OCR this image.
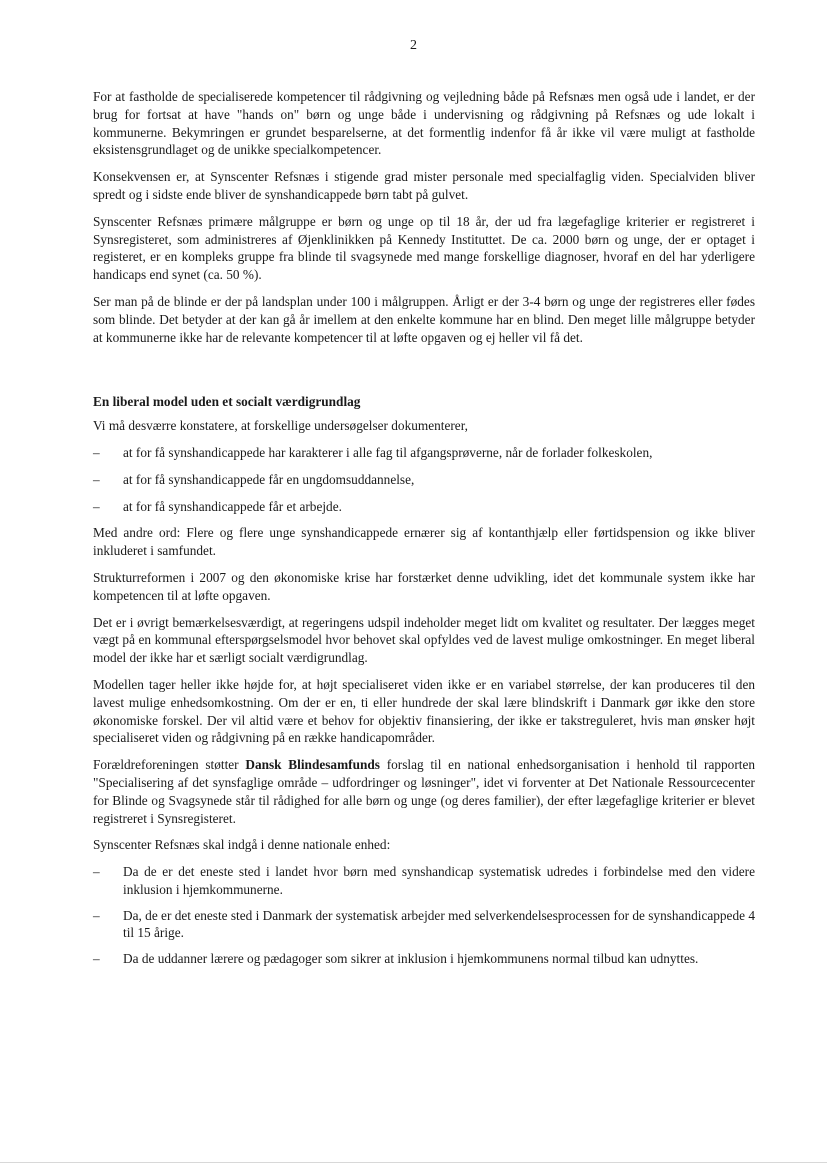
2

For at fastholde de specialiserede kompetencer til rådgivning og vejledning både på Refsnæs men også ude i landet, er der brug for fortsat at have "hands on" børn og unge både i undervisning og rådgivning på Refsnæs og ude lokalt i kommunerne. Bekymringen er grundet besparelserne, at det formentlig indenfor få år ikke vil være muligt at fastholde eksistensgrundlaget og de unikke specialkompetencer.

Konsekvensen er, at Synscenter Refsnæs i stigende grad mister personale med specialfaglig viden. Specialviden bliver spredt og i sidste ende bliver de synshandicappede børn tabt på gulvet.

Synscenter Refsnæs primære målgruppe er børn og unge op til 18 år, der ud fra lægefaglige kriterier er registreret i Synsregisteret, som administreres af Øjenklinikken på Kennedy Instituttet. De ca. 2000 børn og unge, der er optaget i registeret, er en kompleks gruppe fra blinde til svagsynede med mange forskellige diagnoser, hvoraf en del har yderligere handicaps end synet (ca. 50 %).

Ser man på de blinde er der på landsplan under 100 i målgruppen. Årligt er der 3-4 børn og unge der registreres eller fødes som blinde. Det betyder at der kan gå år imellem at den enkelte kommune har en blind. Den meget lille målgruppe betyder at kommunerne ikke har de relevante kompetencer til at løfte opgaven og ej heller vil få det.

En liberal model uden et socialt værdigrundlag

Vi må desværre konstatere, at forskellige undersøgelser dokumenterer,

–	at for få synshandicappede har karakterer i alle fag til afgangsprøverne, når de forlader folkeskolen,
–	at for få synshandicappede får en ungdomsuddannelse,
–	at for få synshandicappede får et arbejde.

Med andre ord: Flere og flere unge synshandicappede ernærer sig af kontanthjælp eller førtidspension og ikke bliver inkluderet i samfundet.

Strukturreformen i 2007 og den økonomiske krise har forstærket denne udvikling, idet det kommunale system ikke har kompetencen til at løfte opgaven.

Det er i øvrigt bemærkelsesværdigt, at regeringens udspil indeholder meget lidt om kvalitet og resultater. Der lægges meget vægt på en kommunal efterspørgselsmodel hvor behovet skal opfyldes ved de lavest mulige omkostninger. En meget liberal model der ikke har et særligt socialt værdigrundlag.

Modellen tager heller ikke højde for, at højt specialiseret viden ikke er en variabel størrelse, der kan produceres til den lavest mulige enhedsomkostning. Om der er en, ti eller hundrede der skal lære blindskrift i Danmark gør ikke den store økonomiske forskel. Der vil altid være et behov for objektiv finansiering, der ikke er takstreguleret, hvis man ønsker højt specialiseret viden og rådgivning på en række handicapområder.

Forældreforeningen støtter Dansk Blindesamfunds forslag til en national enhedsorganisation i henhold til rapporten "Specialisering af det synsfaglige område – udfordringer og løsninger", idet vi forventer at Det Nationale Ressourcecenter for Blinde og Svagsynede står til rådighed for alle børn og unge (og deres familier), der efter lægefaglige kriterier er blevet registreret i Synsregisteret.

Synscenter Refsnæs skal indgå i denne nationale enhed:

–	Da de er det eneste sted i landet hvor børn med synshandicap systematisk udredes i forbindelse med den videre inklusion i hjemkommunerne.
–	Da, de er det eneste sted i Danmark der systematisk arbejder med selverkendelsesprocessen for de synshandicappede 4 til 15 årige.
–	Da de uddanner lærere og pædagoger som sikrer at inklusion i hjemkommunens normal tilbud kan udnyttes.
